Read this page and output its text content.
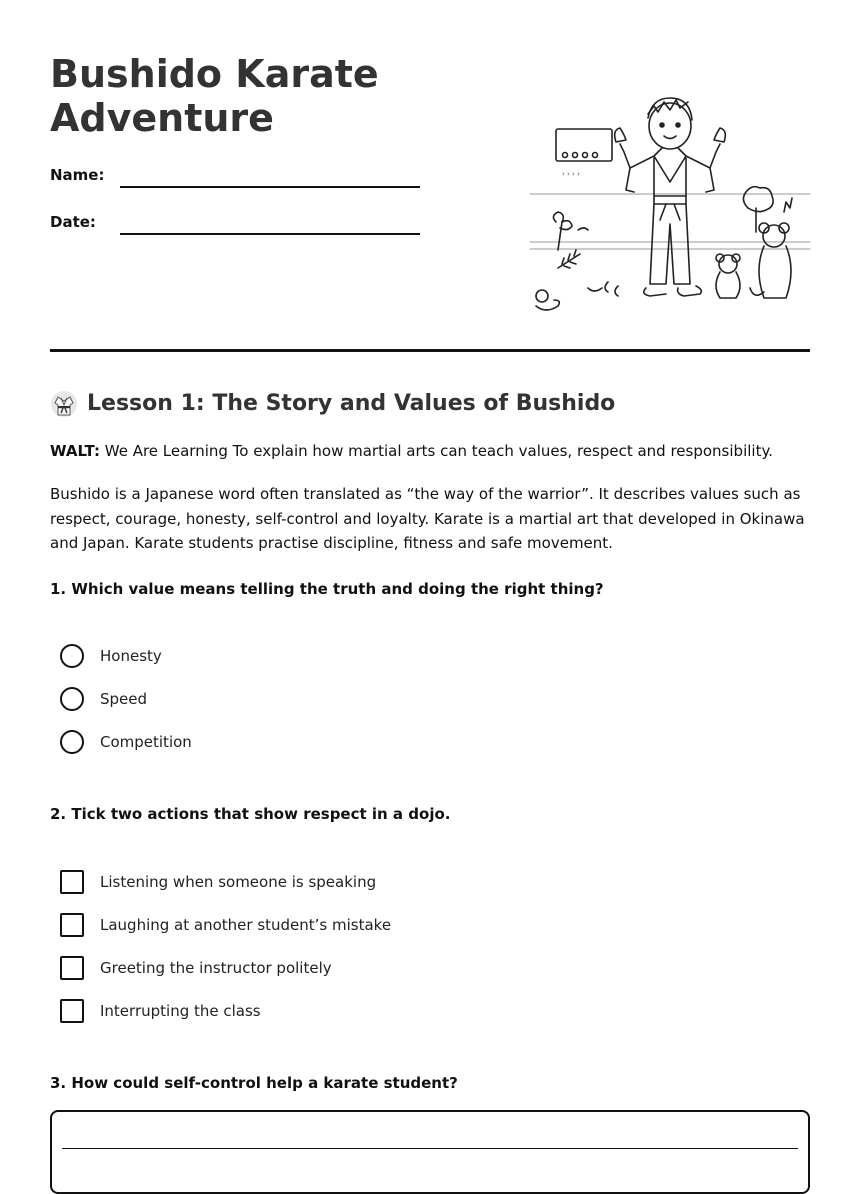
Bushido Karate
Adventure
Name:
Date:
› › › ›
Lesson 1: The Story and Values of Bushido

WALT: We Are Learning To explain how martial arts can teach values, respect and responsibility.

Bushido is a Japanese word often translated as “the way of the warrior”. It describes values such as respect, courage, honesty, self-control and loyalty. Karate is a martial art that developed in Okinawa and Japan. Karate students practise discipline, fitness and safe movement.

1. Which value means telling the truth and doing the right thing?

Honesty
Speed
Competition

2. Tick two actions that show respect in a dojo.

Listening when someone is speaking
Laughing at another student’s mistake
Greeting the instructor politely
Interrupting the class

3. How could self-control help a karate student?
